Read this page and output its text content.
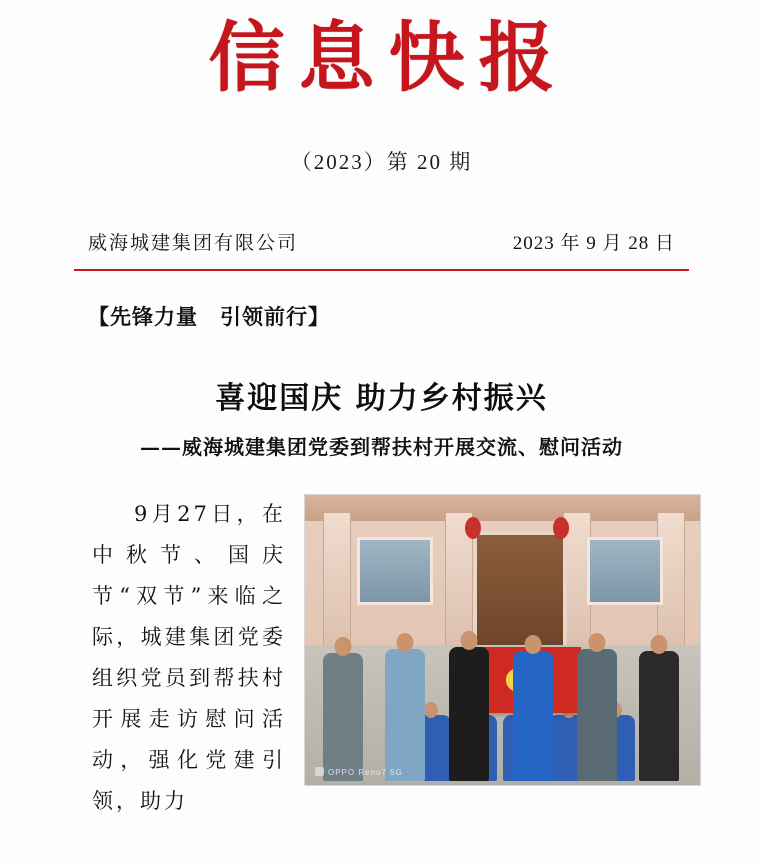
信息快报
（2023）第 20 期
威海城建集团有限公司	2023 年 9 月 28 日
【先锋力量　引领前行】
喜迎国庆 助力乡村振兴
——威海城建集团党委到帮扶村开展交流、慰问活动

9月27日，在中秋节、国庆节“双节”来临之际，城建集团党委组织党员到帮扶村开展走访慰问活动，强化党建引领，助力

OPPO Reno7 5G
